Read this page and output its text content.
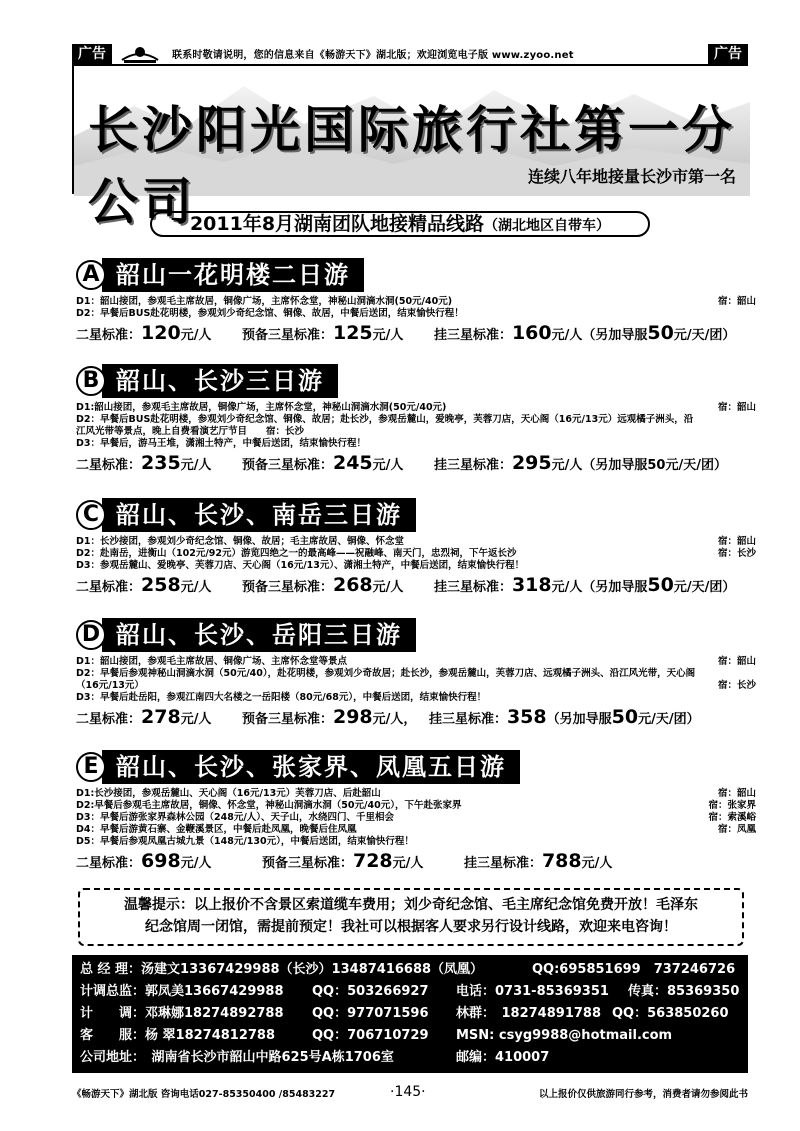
广告	联系时敬请说明，您的信息来自《畅游天下》湖北版；欢迎浏览电子版 www.zyoo.net	广告
长沙阳光国际旅行社第一分公司	连续八年地接量长沙市第一名
2011年8月湖南团队地接精品线路（湖北地区自带车）
A 韶山一花明楼二日游
D1：韶山接团，参观毛主席故居，铜像广场，主席怀念堂，神秘山洞滴水洞(50元/40元)	宿：韶山
D2：早餐后BUS赴花明楼，参观刘少奇纪念馆、铜像、故居，中餐后送团，结束愉快行程！
二星标准：120元/人 预备三星标准：125元/人 挂三星标准：160元/人（另加导服50元/天/团）
B 韶山、长沙三日游
D1:韶山接团，参观毛主席故居，铜像广场，主席怀念堂，神秘山洞滴水洞(50元/40元)	宿：韶山
D2：早餐后BUS赴花明楼，参观刘少奇纪念馆、铜像、故居；赴长沙，参观岳麓山，爱晚亭，芙蓉刀店，天心阁（16元/13元）远观橘子洲头，沿江风光带等景点，晚上自费看演艺厅节目　　宿：长沙
D3：早餐后，游马王堆，潇湘土特产，中餐后送团，结束愉快行程！
二星标准：235元/人 预备三星标准：245元/人 挂三星标准：295元/人（另加导服50元/天/团）
C 韶山、长沙、南岳三日游
D1：长沙接团，参观刘少奇纪念馆、铜像、故居；毛主席故居、铜像、怀念堂	宿：韶山
D2：赴南岳，进衡山（102元/92元）游览四绝之一的最高峰——祝融峰、南天门，忠烈祠，下午返长沙	宿：长沙
D3：参观岳麓山、爱晚亭、芙蓉刀店、天心阁（16元/13元）、潇湘土特产，中餐后送团，结束愉快行程！
二星标准：258元/人 预备三星标准：268元/人 挂三星标准：318元/人（另加导服50元/天/团）
D 韶山、长沙、岳阳三日游
D1：韶山接团，参观毛主席故居、铜像广场、主席怀念堂等景点	宿：韶山
D2：早餐后参观神秘山洞滴水洞（50元/40），赴花明楼，参观刘少奇故居；赴长沙，参观岳麓山，芙蓉刀店、远观橘子洲头、沿江风光带，天心阁（16元/13元）	宿：长沙
D3：早餐后赴岳阳，参观江南四大名楼之一岳阳楼（80元/68元），中餐后送团，结束愉快行程！
二星标准：278元/人 预备三星标准：298元/人， 挂三星标准：358（另加导服50元/天/团）
E 韶山、长沙、张家界、凤凰五日游
D1:长沙接团，参观岳麓山、天心阁（16元/13元）芙蓉刀店、后赴韶山	宿：韶山
D2:早餐后参观毛主席故居，铜像、怀念堂，神秘山洞滴水洞（50元/40元），下午赴张家界	宿：张家界
D3：早餐后游张家界森林公园（248元/人）、天子山，水绕四门、千里相会	宿：索溪峪
D4：早餐后游黄石寨、金鞭溪景区，中餐后赴凤凰，晚餐后住凤凰	宿：凤凰
D5：早餐后参观凤凰古城九景（148元/130元），中餐后送团，结束愉快行程！
二星标准：698元/人	预备三星标准：728元/人	挂三星标准：788元/人
温馨提示：以上报价不含景区索道缆车费用；刘少奇纪念馆、毛主席纪念馆免费开放！毛泽东
纪念馆周一闭馆，需提前预定！我社可以根据客人要求另行设计线路，欢迎来电咨询！
总 经 理：汤建文13367429988（长沙）13487416688（凤凰）	QQ:695851699　737246726
计调总监：郭凤美13667429988 QQ：503266927 电话：0731-85369351 传真：85369350
计　　调：邓琳娜18274892788 QQ：977071596 林群：　18274891788 QQ：563850260
客　　服：杨 翠18274812788	QQ：706710729 MSN: csyg9988@hotmail.com
公司地址：　湖南省长沙市韶山中路625号A栋1706室	邮编：410007
《畅游天下》湖北版 咨询电话027-85350400 /85483227	·145·	以上报价仅供旅游同行参考，消费者请勿参阅此书
